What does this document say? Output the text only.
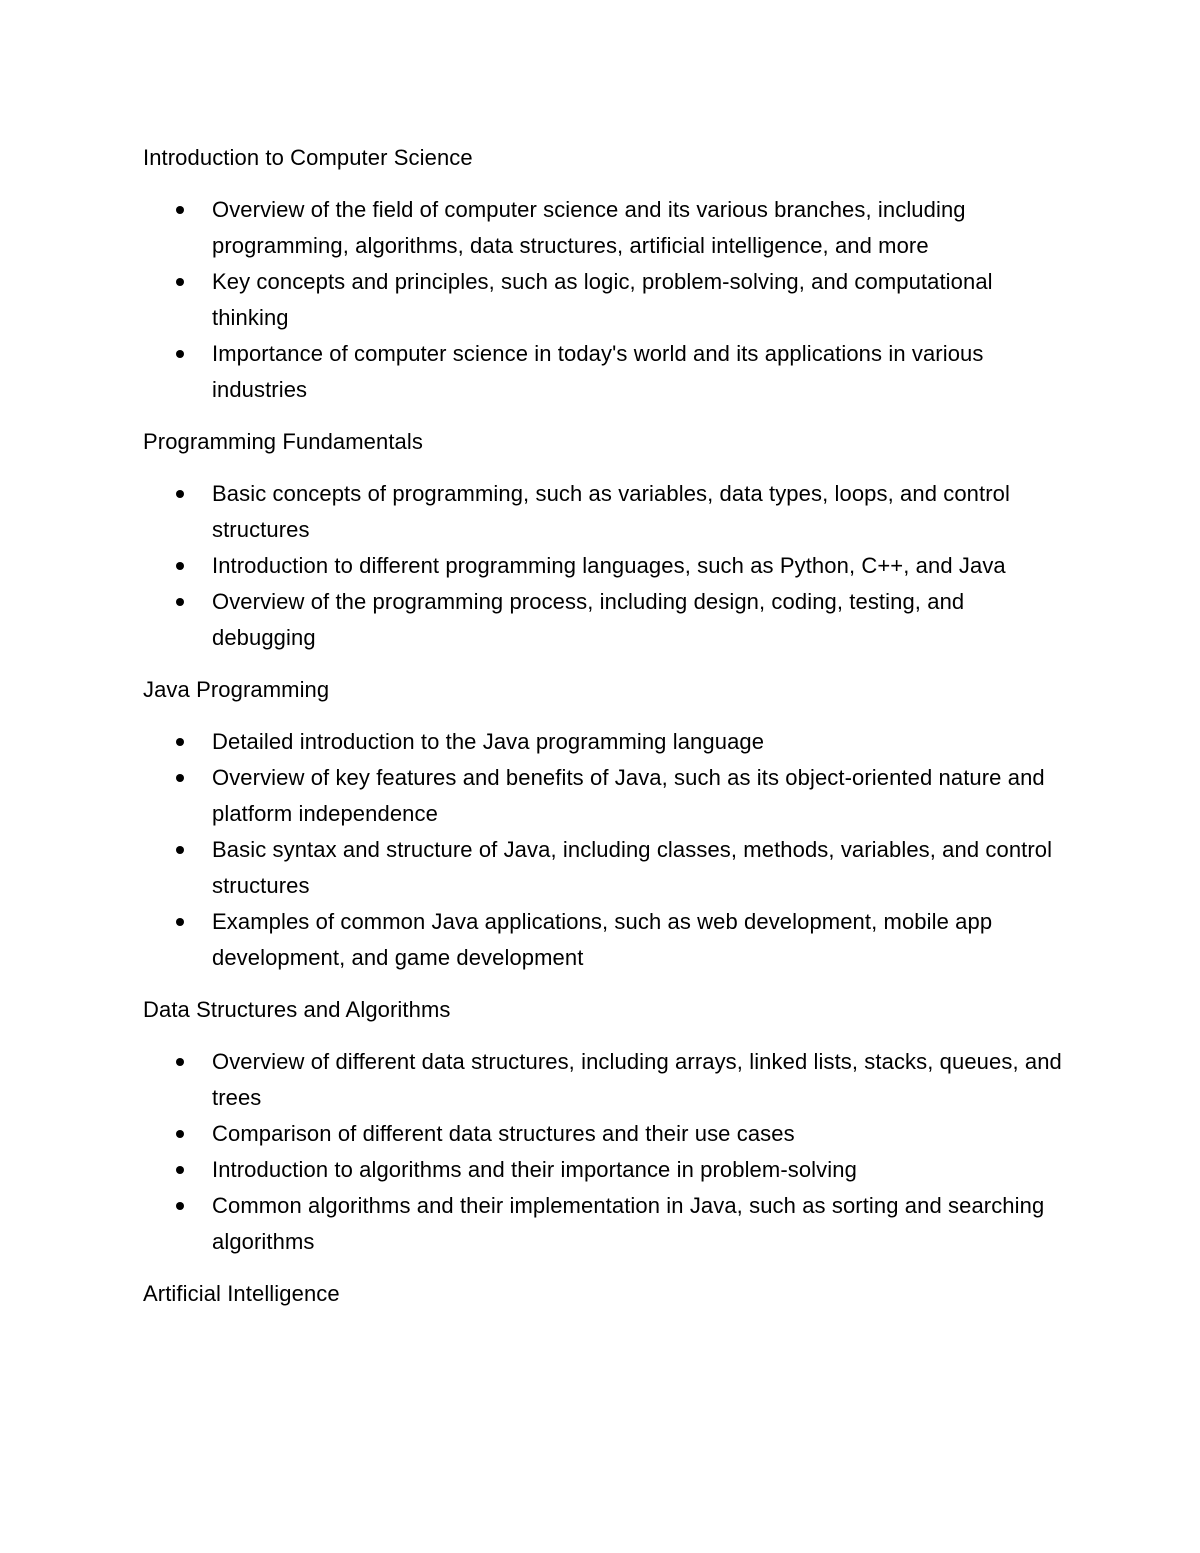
Introduction to Computer Science
Overview of the field of computer science and its various branches, including programming, algorithms, data structures, artificial intelligence, and more
Key concepts and principles, such as logic, problem-solving, and computational thinking
Importance of computer science in today's world and its applications in various industries
Programming Fundamentals
Basic concepts of programming, such as variables, data types, loops, and control structures
Introduction to different programming languages, such as Python, C++, and Java
Overview of the programming process, including design, coding, testing, and debugging
Java Programming
Detailed introduction to the Java programming language
Overview of key features and benefits of Java, such as its object-oriented nature and platform independence
Basic syntax and structure of Java, including classes, methods, variables, and control structures
Examples of common Java applications, such as web development, mobile app development, and game development
Data Structures and Algorithms
Overview of different data structures, including arrays, linked lists, stacks, queues, and trees
Comparison of different data structures and their use cases
Introduction to algorithms and their importance in problem-solving
Common algorithms and their implementation in Java, such as sorting and searching algorithms
Artificial Intelligence
